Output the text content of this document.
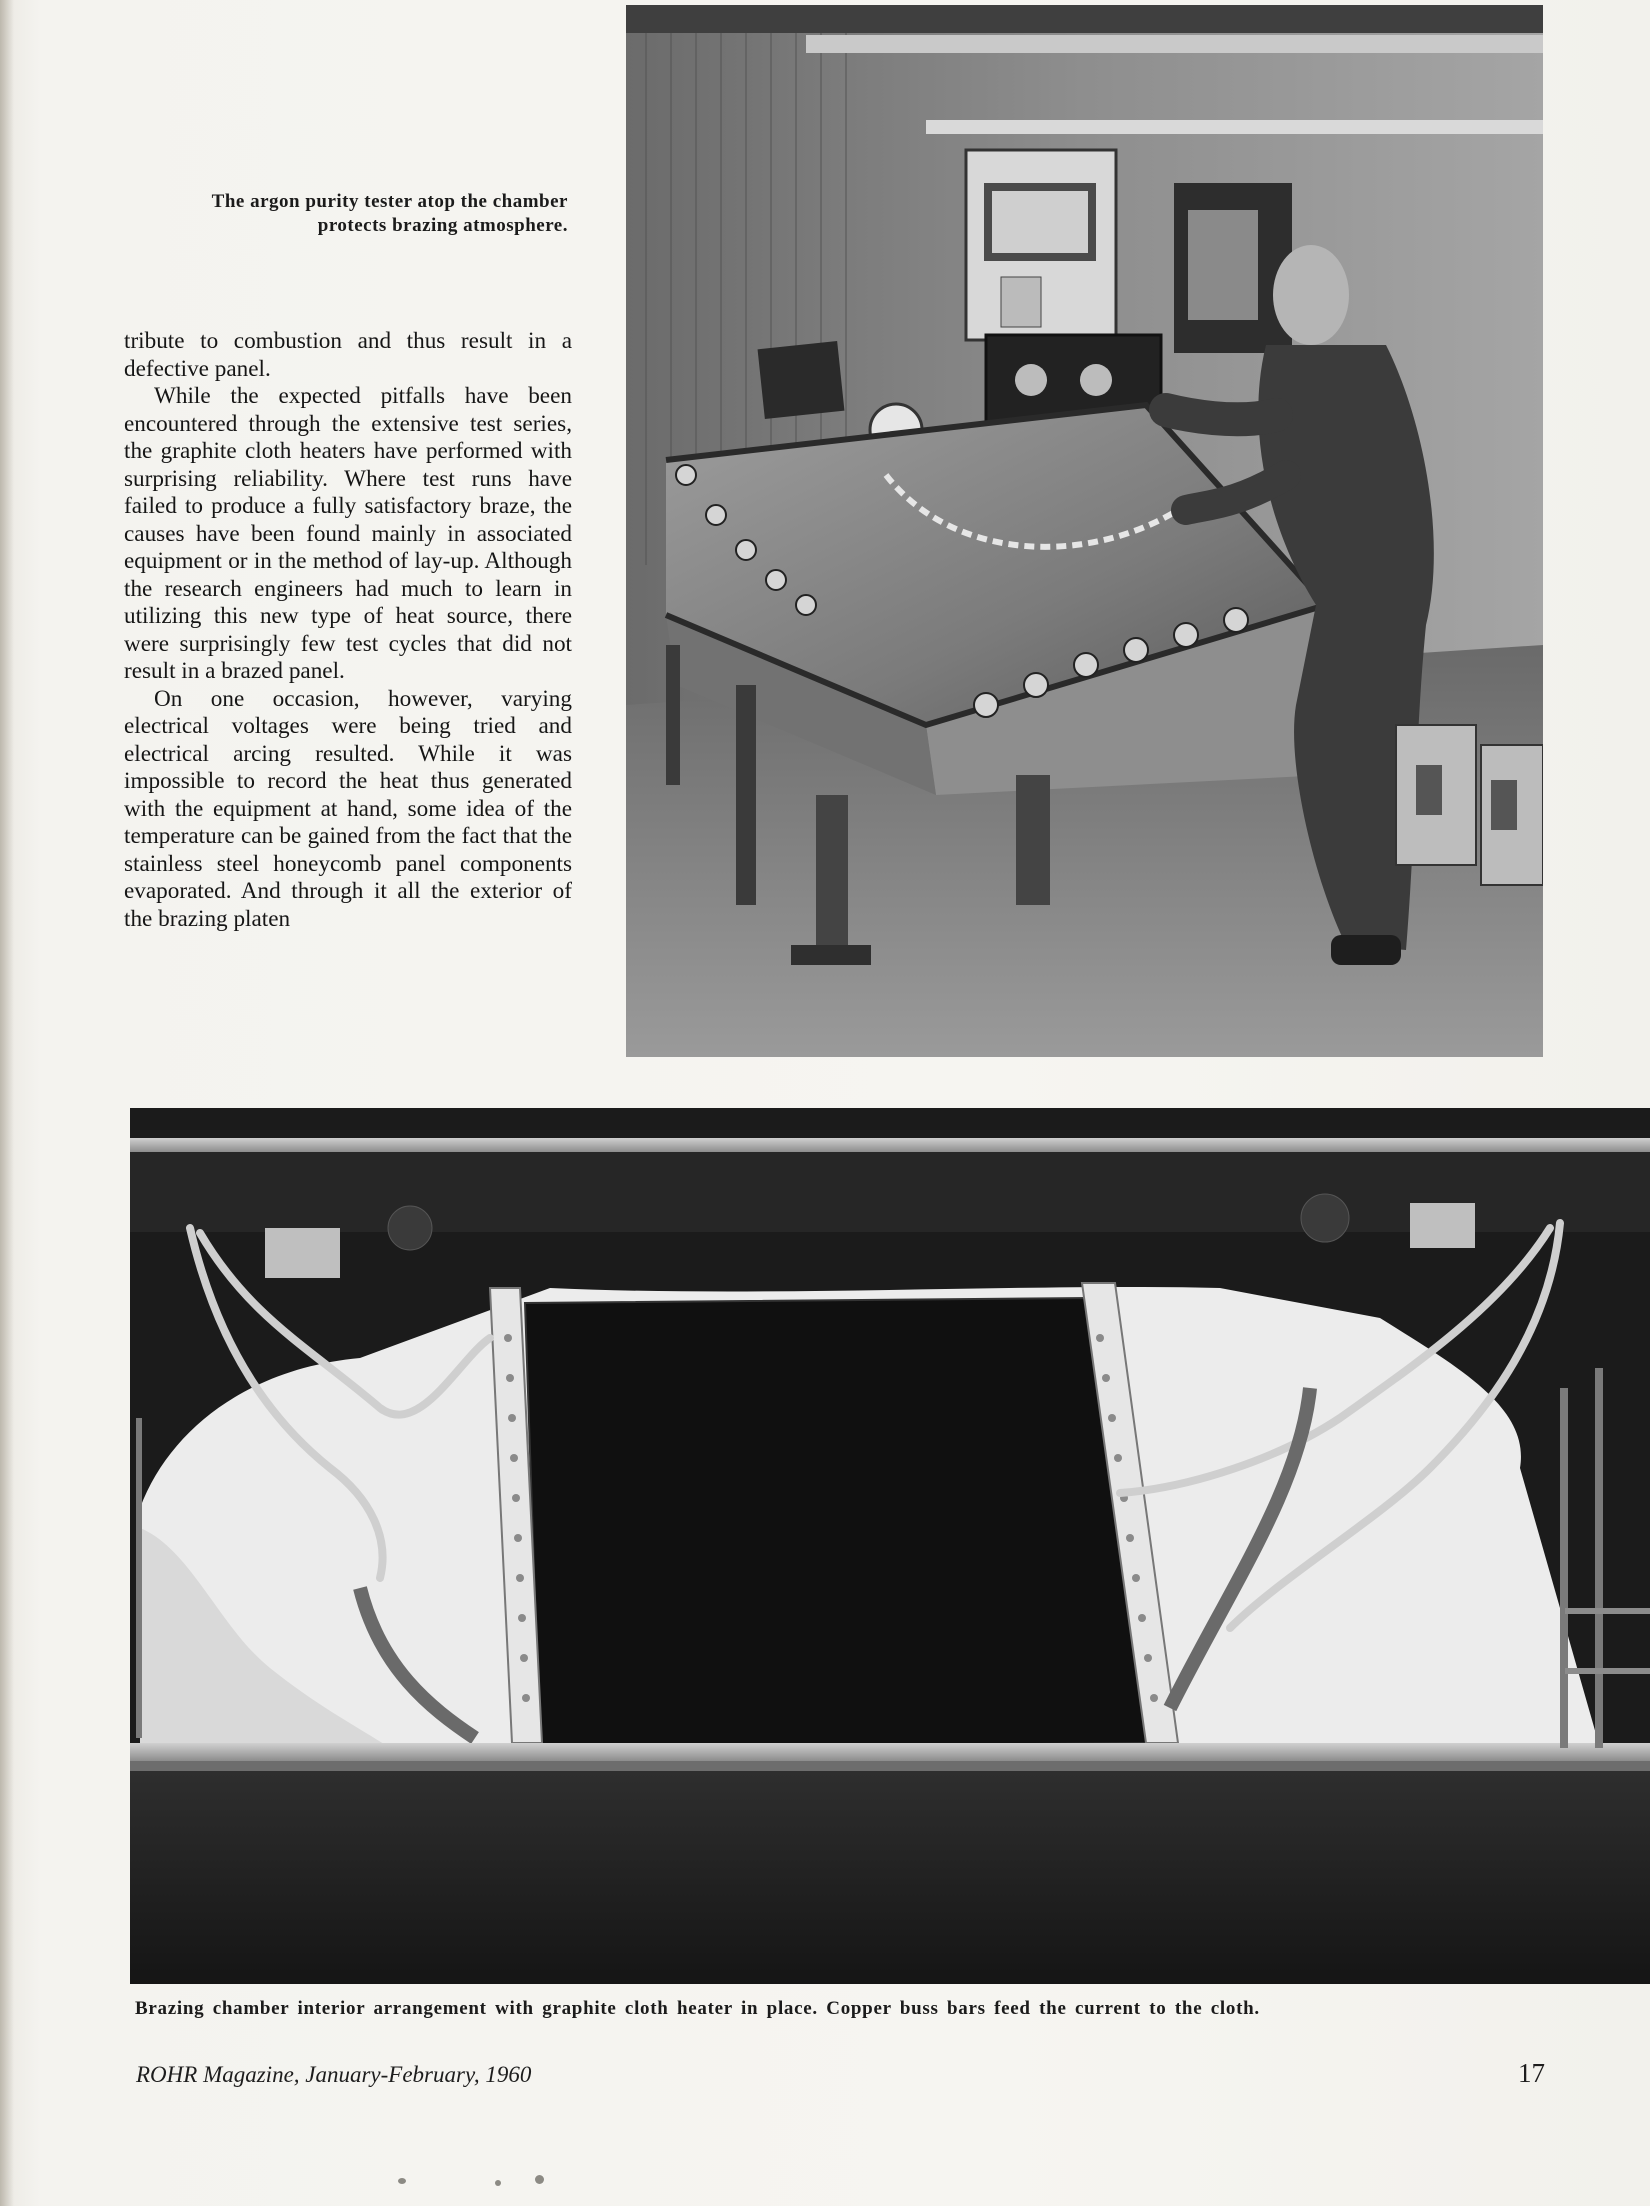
The argon purity tester atop the chamber protects brazing atmosphere.

tribute to combustion and thus result in a defective panel.

While the expected pitfalls have been encountered through the extensive test series, the graphite cloth heaters have performed with surprising reliability. Where test runs have failed to produce a fully satisfactory braze, the causes have been found mainly in associated equipment or in the method of lay-up. Although the research engineers had much to learn in utilizing this new type of heat source, there were surprisingly few test cycles that did not result in a brazed panel.

On one occasion, however, varying electrical voltages were being tried and electrical arcing resulted. While it was impossible to record the heat thus generated with the equipment at hand, some idea of the temperature can be gained from the fact that the stainless steel honeycomb panel components evaporated. And through it all the exterior of the brazing platen

Brazing chamber interior arrangement with graphite cloth heater in place. Copper buss bars feed the current to the cloth.
ROHR Magazine, January-February, 1960	17
